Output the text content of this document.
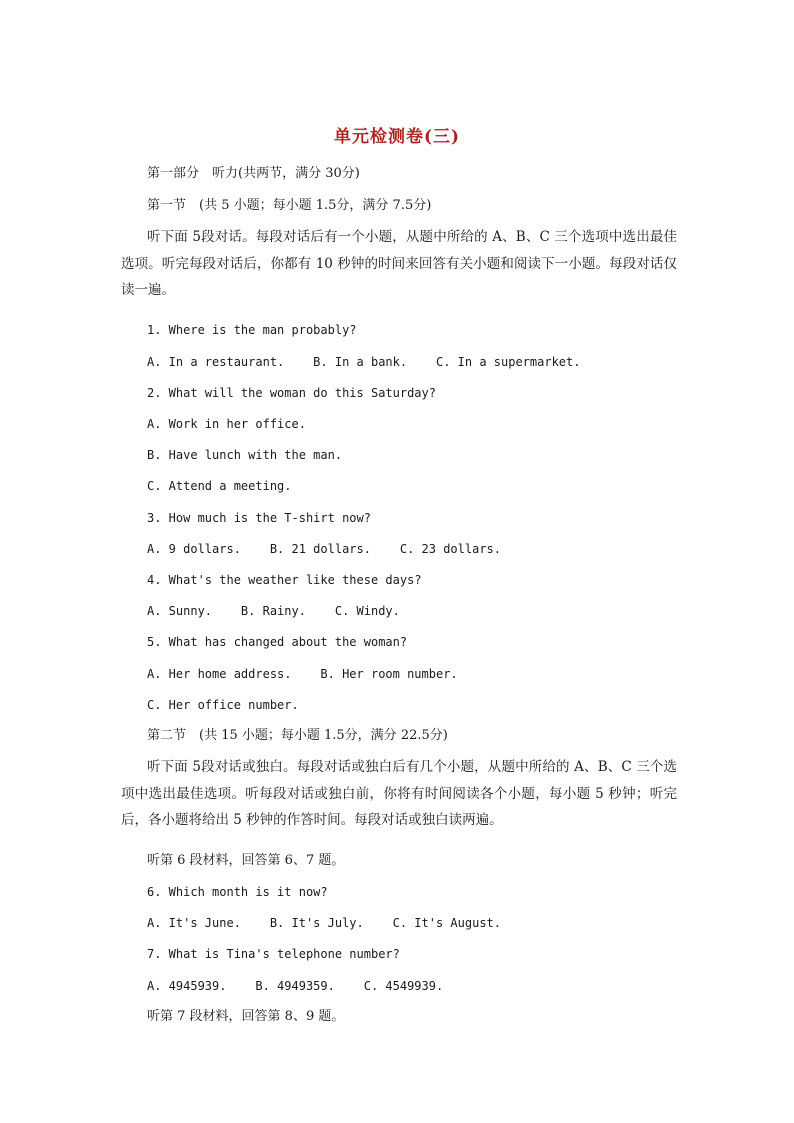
单元检测卷(三)
第一部分　听力(共两节，满分 30分)
第一节　(共 5 小题；每小题 1.5分，满分 7.5分)
听下面 5段对话。每段对话后有一个小题，从题中所给的 A、B、C 三个选项中选出最佳选项。听完每段对话后，你都有 10 秒钟的时间来回答有关小题和阅读下一小题。每段对话仅读一遍。
1. Where is the man probably?
A. In a restaurant.    B. In a bank.    C. In a supermarket.
2. What will the woman do this Saturday?
A. Work in her office.
B. Have lunch with the man.
C. Attend a meeting.
3. How much is the T-shirt now?
A. 9 dollars.    B. 21 dollars.    C. 23 dollars.
4. What's the weather like these days?
A. Sunny.    B. Rainy.    C. Windy.
5. What has changed about the woman?
A. Her home address.    B. Her room number.
C. Her office number.
第二节　(共 15 小题；每小题 1.5分，满分 22.5分)
听下面 5段对话或独白。每段对话或独白后有几个小题，从题中所给的 A、B、C 三个选项中选出最佳选项。听每段对话或独白前，你将有时间阅读各个小题，每小题 5 秒钟；听完后，各小题将给出 5 秒钟的作答时间。每段对话或独白读两遍。
听第 6 段材料，回答第 6、7 题。
6. Which month is it now?
A. It's June.    B. It's July.    C. It's August.
7. What is Tina's telephone number?
A. 4945939.    B. 4949359.    C. 4549939.
听第 7 段材料，回答第 8、9 题。
